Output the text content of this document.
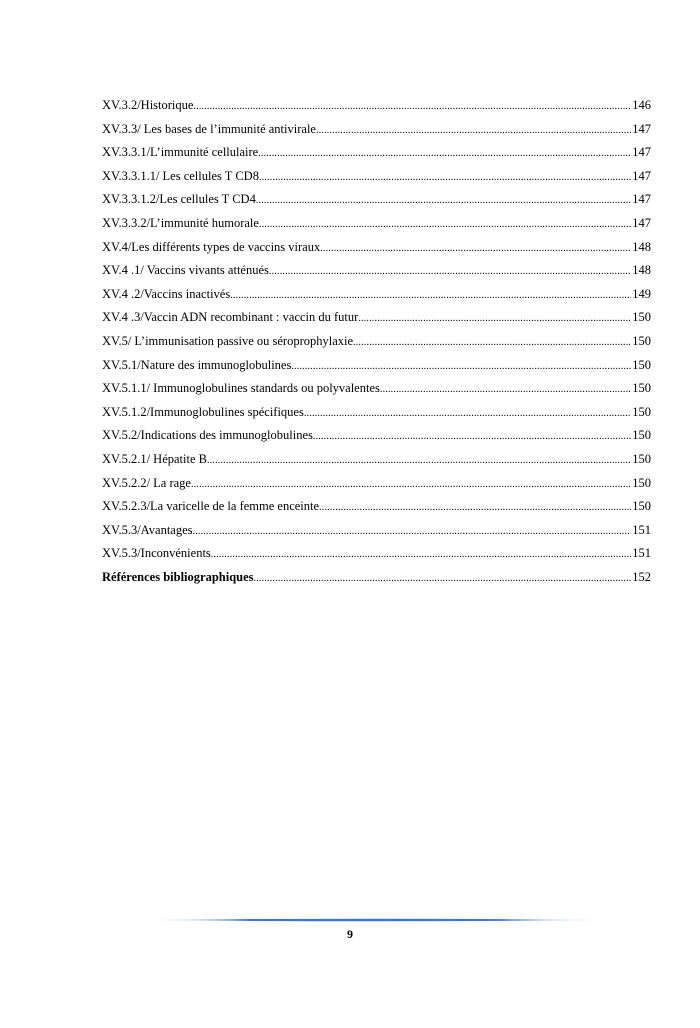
XV.3.2/Historique .....	146
XV.3.3/ Les bases de l’immunité antivirale .....	147
XV.3.3.1/L’immunité cellulaire .....	147
XV.3.3.1.1/ Les cellules T CD8 .....	147
XV.3.3.1.2/Les cellules T CD4 .....	147
XV.3.3.2/L’immunité humorale .....	147
XV.4/Les différents types de vaccins viraux .....	148
XV.4 .1/ Vaccins vivants atténués .....	148
XV.4 .2/Vaccins inactivés .....	149
XV.4 .3/Vaccin ADN recombinant : vaccin du futur .....	150
XV.5/ L’immunisation passive ou séroprophylaxie .....	150
XV.5.1/Nature des immunoglobulines .....	150
XV.5.1.1/ Immunoglobulines standards ou polyvalentes .....	150
XV.5.1.2/Immunoglobulines spécifiques .....	150
XV.5.2/Indications des immunoglobulines .....	150
XV.5.2.1/ Hépatite B .....	150
XV.5.2.2/ La rage .....	150
XV.5.2.3/La varicelle de la femme enceinte .....	150
XV.5.3/Avantages .....	151
XV.5.3/Inconvénients .....	151
Références bibliographiques .....	152
9
